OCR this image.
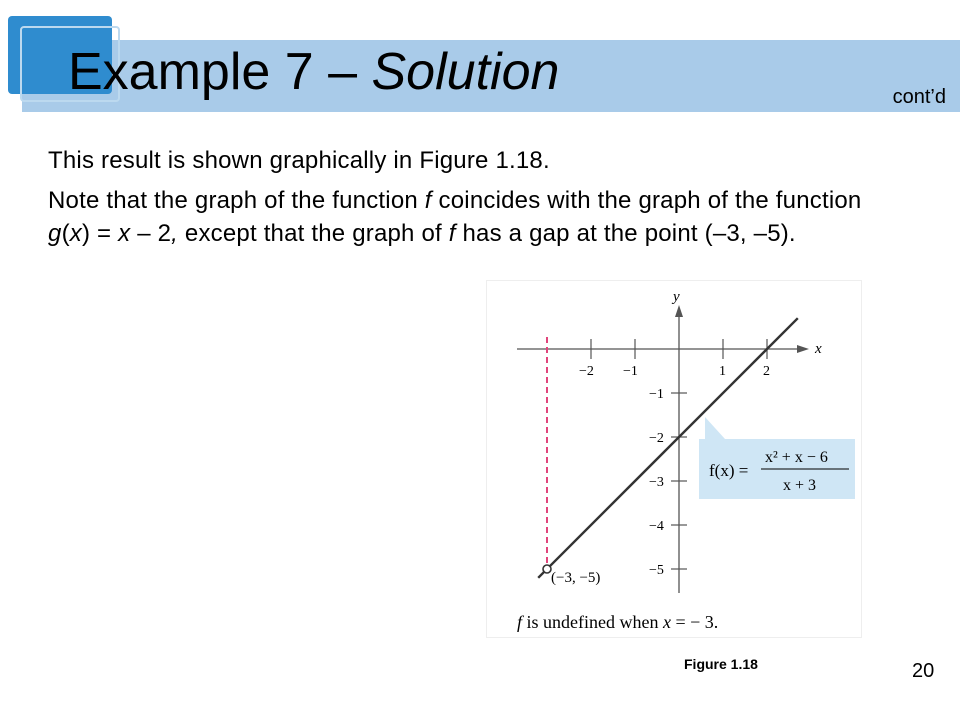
Example 7 – Solution	cont’d

This result is shown graphically in Figure 1.18.

Note that the graph of the function f coincides with the graph of the function g(x) = x – 2, except that the graph of f has a gap at the point (–3, –5).

−2 −1	1	2
−1
−2
−3
−4
−5
y
x
f(x) =
x² + x − 6
x + 3
(−3, −5)
f is undefined when x = − 3.
Figure 1.18	20
